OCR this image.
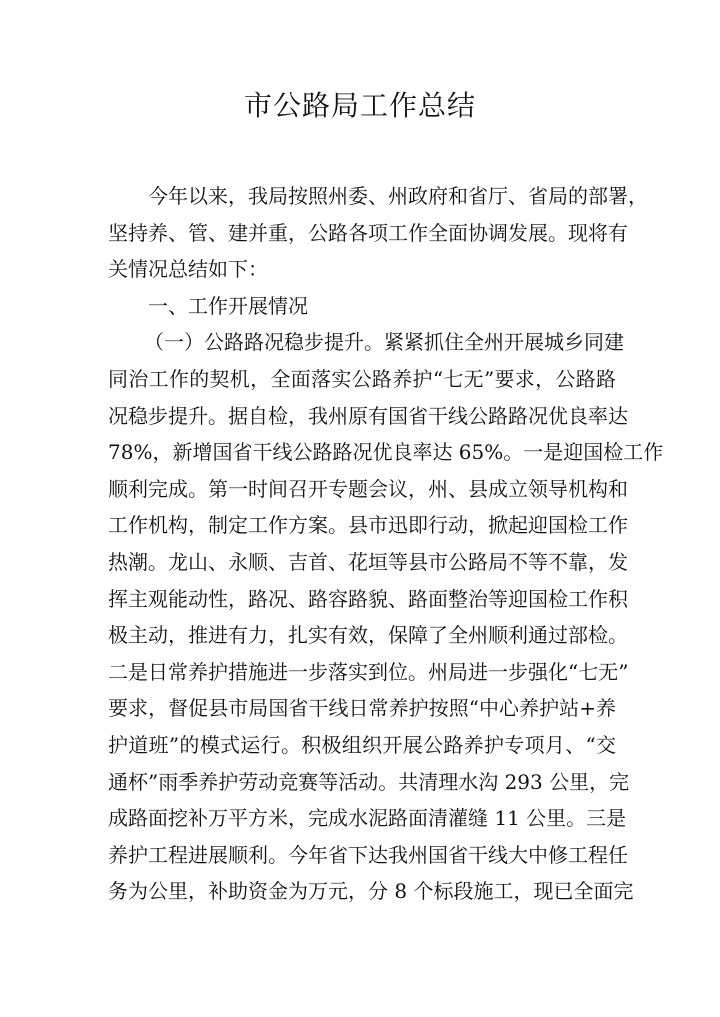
市公路局工作总结
今年以来，我局按照州委、州政府和省厅、省局的部署，
坚持养、管、建并重，公路各项工作全面协调发展。现将有
关情况总结如下：
一、工作开展情况
（一）公路路况稳步提升。紧紧抓住全州开展城乡同建
同治工作的契机，全面落实公路养护“七无”要求，公路路
况稳步提升。据自检，我州原有国省干线公路路况优良率达
78%，新增国省干线公路路况优良率达 65%。一是迎国检工作
顺利完成。第一时间召开专题会议，州、县成立领导机构和
工作机构，制定工作方案。县市迅即行动，掀起迎国检工作
热潮。龙山、永顺、吉首、花垣等县市公路局不等不靠，发
挥主观能动性，路况、路容路貌、路面整治等迎国检工作积
极主动，推进有力，扎实有效，保障了全州顺利通过部检。
二是日常养护措施进一步落实到位。州局进一步强化“七无”
要求，督促县市局国省干线日常养护按照“中心养护站+养
护道班”的模式运行。积极组织开展公路养护专项月、“交
通杯”雨季养护劳动竞赛等活动。共清理水沟 293 公里，完
成路面挖补万平方米，完成水泥路面清灌缝 11 公里。三是
养护工程进展顺利。今年省下达我州国省干线大中修工程任
务为公里，补助资金为万元，分 8 个标段施工，现已全面完
